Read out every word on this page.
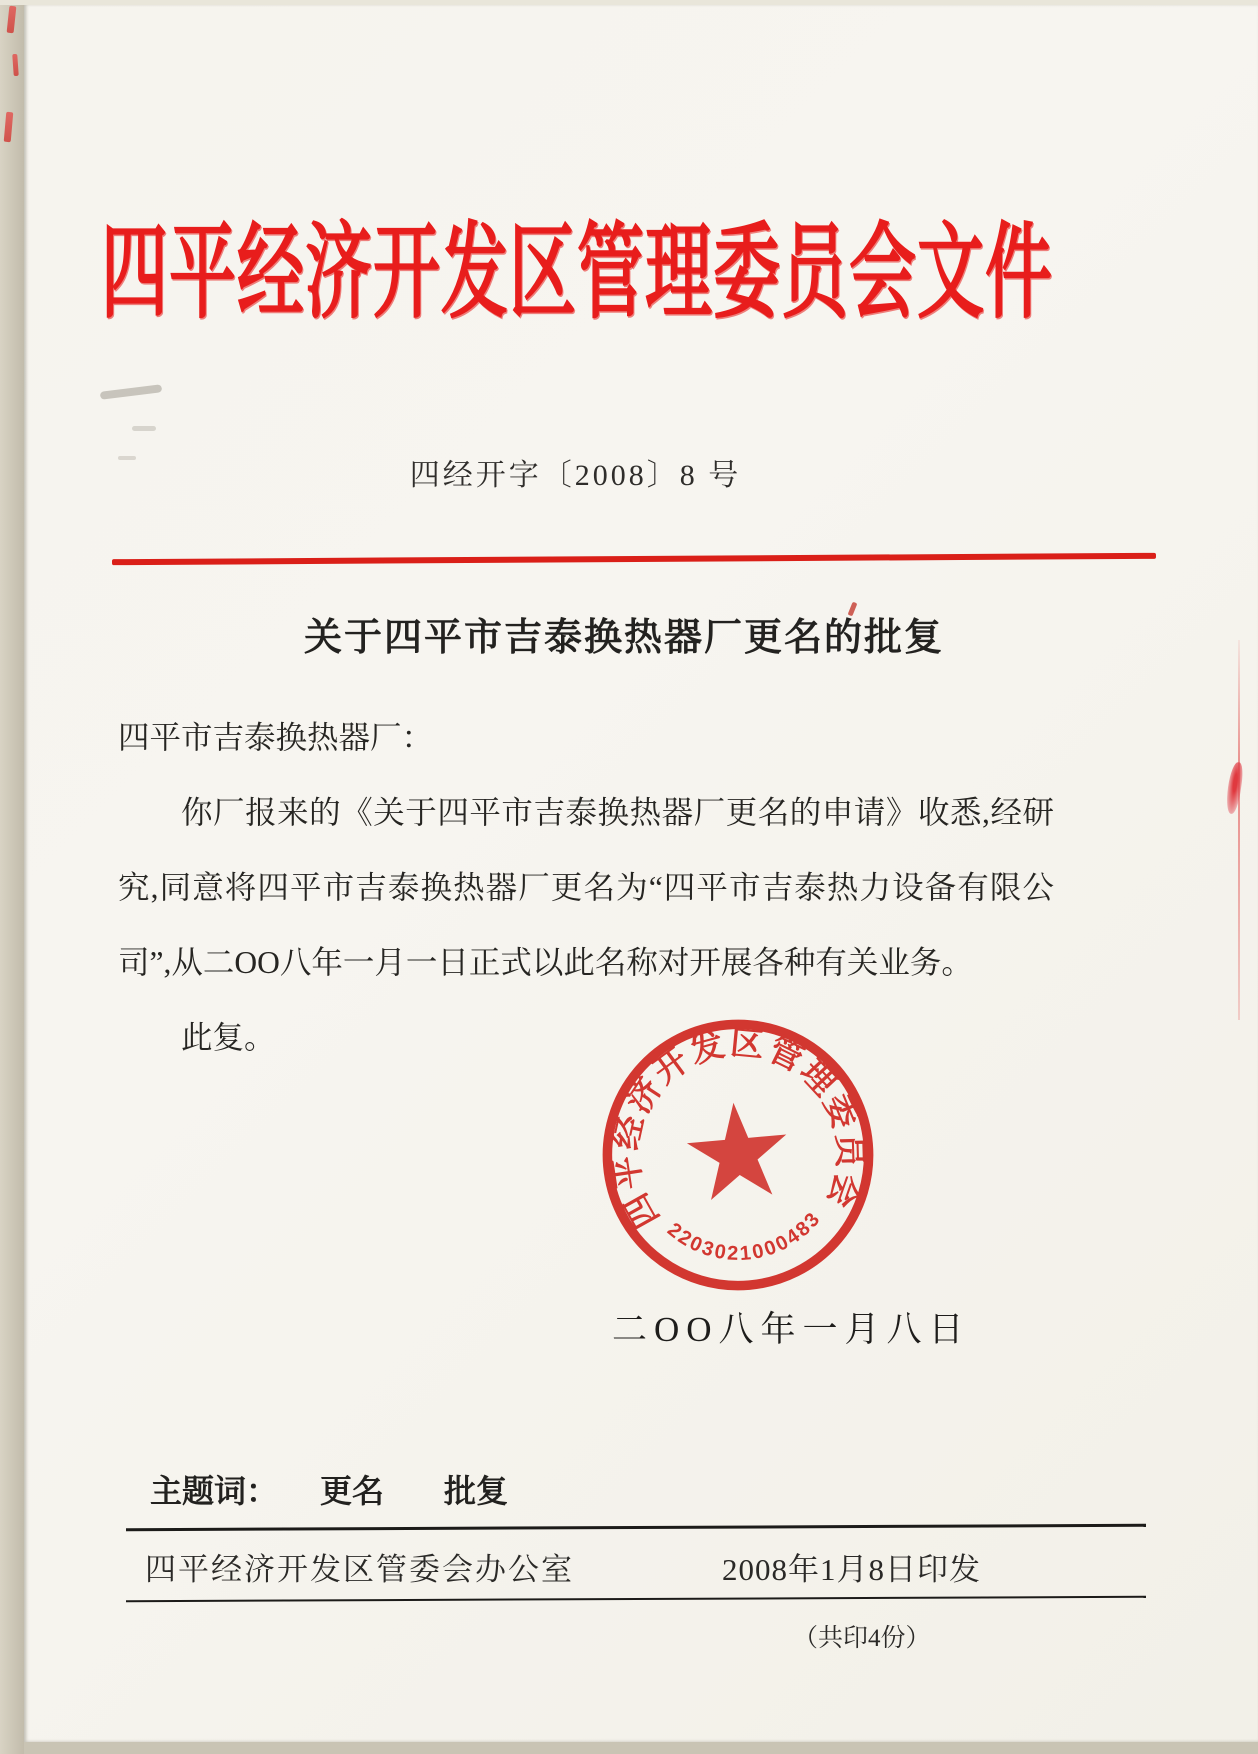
四平经济开发区管理委员会文件
四经开字〔2008〕8 号
关于四平市吉泰换热器厂更名的批复

四平市吉泰换热器厂：

你厂报来的《关于四平市吉泰换热器厂更名的申请》收悉,经研究,同意将四平市吉泰换热器厂更名为“四平市吉泰热力设备有限公司”,从二OO八年一月一日正式以此名称对开展各种有关业务。

此复。

二OO八年一月八日
四平经济开发区管理委员会
2203021000483
主题词： 更名 批复
四平经济开发区管委会办公室	2008年1月8日印发
（共印4份）
